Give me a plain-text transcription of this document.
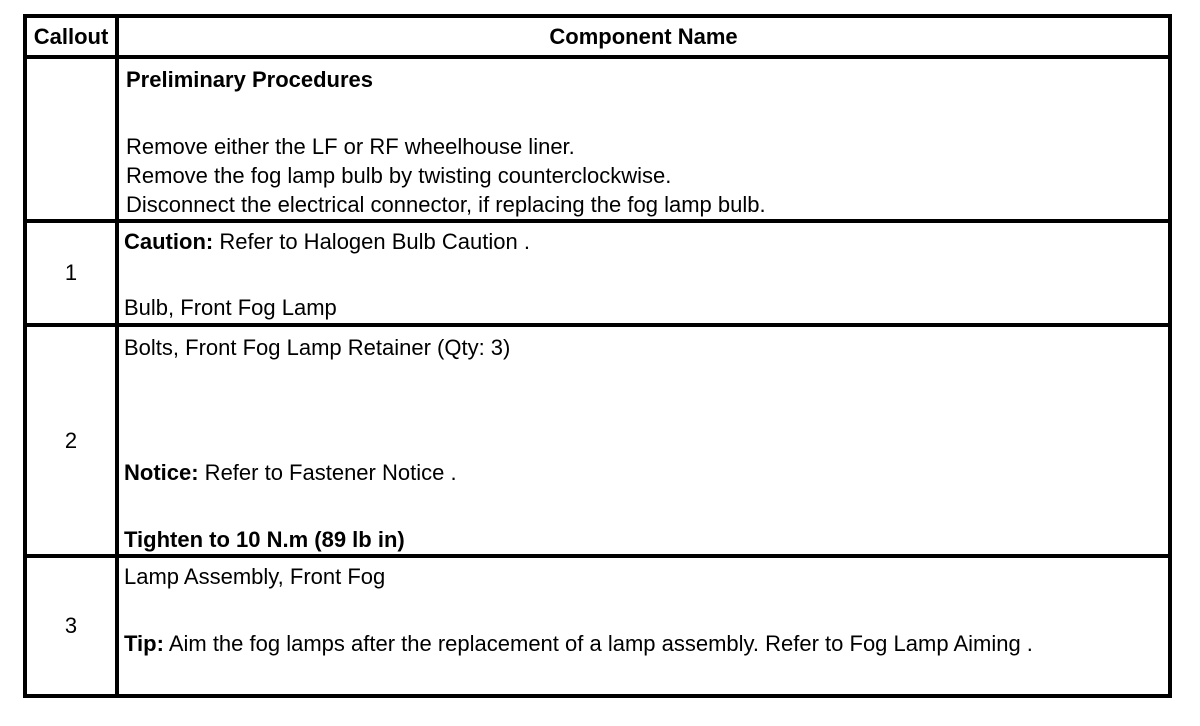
Callout	Component Name

	Preliminary Procedures
Remove either the LF or RF wheelhouse liner.
Remove the fog lamp bulb by twisting counterclockwise.
Disconnect the electrical connector, if replacing the fog lamp bulb.

1	Caution: Refer to Halogen Bulb Caution .
Bulb, Front Fog Lamp

2	Bolts, Front Fog Lamp Retainer (Qty: 3)
Notice: Refer to Fastener Notice .
Tighten to 10 N.m (89 lb in)

3	Lamp Assembly, Front Fog
Tip: Aim the fog lamps after the replacement of a lamp assembly. Refer to Fog Lamp Aiming .
